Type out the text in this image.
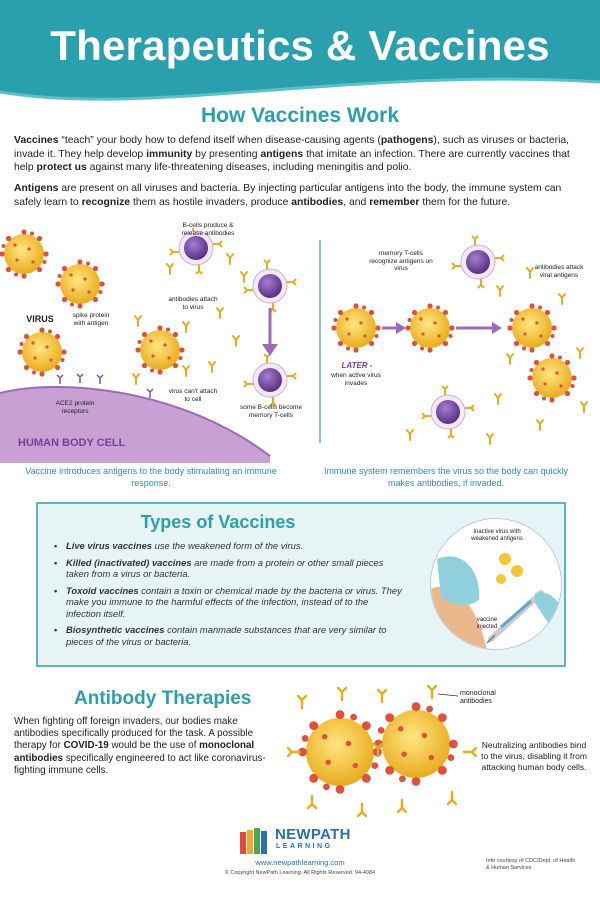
Therapeutics & Vaccines
How Vaccines Work

Vaccines “teach” your body how to defend itself when disease-causing agents (pathogens), such as viruses or bacteria, invade it. They help develop immunity by presenting antigens that imitate an infection. There are currently vaccines that help protect us against many life-threatening diseases, including meningitis and polio.

Antigens are present on all viruses and bacteria. By injecting particular antigens into the body, the immune system can safely learn to recognize them as hostile invaders, produce antibodies, and remember them for the future.

B-cells produce & release antibodies
VIRUS	spike protein with antigen
antibodies attach to virus
ACE2 protein receptors
virus can't attach to cell
some B-cells become memory T-cells
HUMAN BODY CELL
memory T-cells recognize antigens on virus
LATER -
when active virus invades
antibodies attack viral antigens
Vaccine introduces antigens to the body stimulating an immune response.
Immune system remembers the virus so the body can quickly makes antibodies, if invaded.
Types of Vaccines
• Live virus vaccines use the weakened form of the virus.
• Killed (inactivated) vaccines are made from a protein or other small pieces taken from a virus or bacteria.
• Toxoid vaccines contain a toxin or chemical made by the bacteria or virus. They make you immune to the harmful effects of the infection, instead of to the infection itself.
• Biosynthetic vaccines contain manmade substances that are very similar to pieces of the virus or bacteria.
Inactive virus with weakened antigens
vaccine injected
Antibody Therapies

When fighting off foreign invaders, our bodies make antibodies specifically produced for the task. A possible therapy for COVID-19 would be the use of monoclonal antibodies specifically engineered to act like coronavirus-fighting immune cells.

monoclonal antibodies
Neutralizing antibodies bind to the virus, disabling it from attacking human body cells.
NEWPATH
LEARNING
www.newpathlearning.com
© Copyright NewPath Learning. All Rights Reserved. 94-4084
Info courtesy of CDC/Dept. of Health & Human Services
